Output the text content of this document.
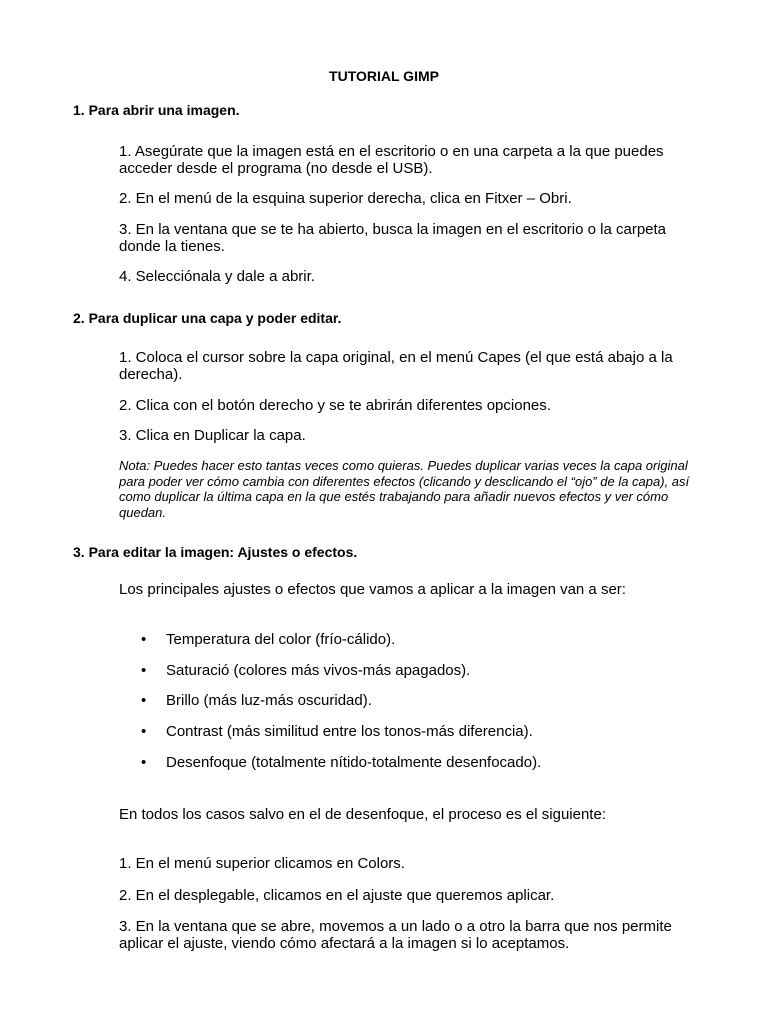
TUTORIAL GIMP
1. Para abrir una imagen.
1. Asegúrate que la imagen está en el escritorio o en una carpeta a la que puedes acceder desde el programa (no desde el USB).
2. En el menú de la esquina superior derecha, clica en Fitxer – Obri.
3. En la ventana que se te ha abierto, busca la imagen en el escritorio o la carpeta donde la tienes.
4. Selecciónala y dale a abrir.
2. Para duplicar una capa y poder editar.
1. Coloca el cursor sobre la capa original, en el menú Capes (el que está abajo a la derecha).
2. Clica con el botón derecho y se te abrirán diferentes opciones.
3. Clica en Duplicar la capa.
Nota: Puedes hacer esto tantas veces como quieras. Puedes duplicar varias veces la capa original para poder ver cómo cambia con diferentes efectos (clicando y desclicando el “ojo” de la capa), así como duplicar la última capa en la que estés trabajando para añadir nuevos efectos y ver cómo quedan.
3. Para editar la imagen: Ajustes o efectos.
Los principales ajustes o efectos que vamos a aplicar a la imagen van a ser:
• Temperatura del color (frío-cálido).
• Saturació (colores más vivos-más apagados).
• Brillo (más luz-más oscuridad).
• Contrast (más similitud entre los tonos-más diferencia).
• Desenfoque (totalmente nítido-totalmente desenfocado).
En todos los casos salvo en el de desenfoque, el proceso es el siguiente:
1. En el menú superior clicamos en Colors.
2. En el desplegable, clicamos en el ajuste que queremos aplicar.
3. En la ventana que se abre, movemos a un lado o a otro la barra que nos permite aplicar el ajuste, viendo cómo afectará a la imagen si lo aceptamos.
